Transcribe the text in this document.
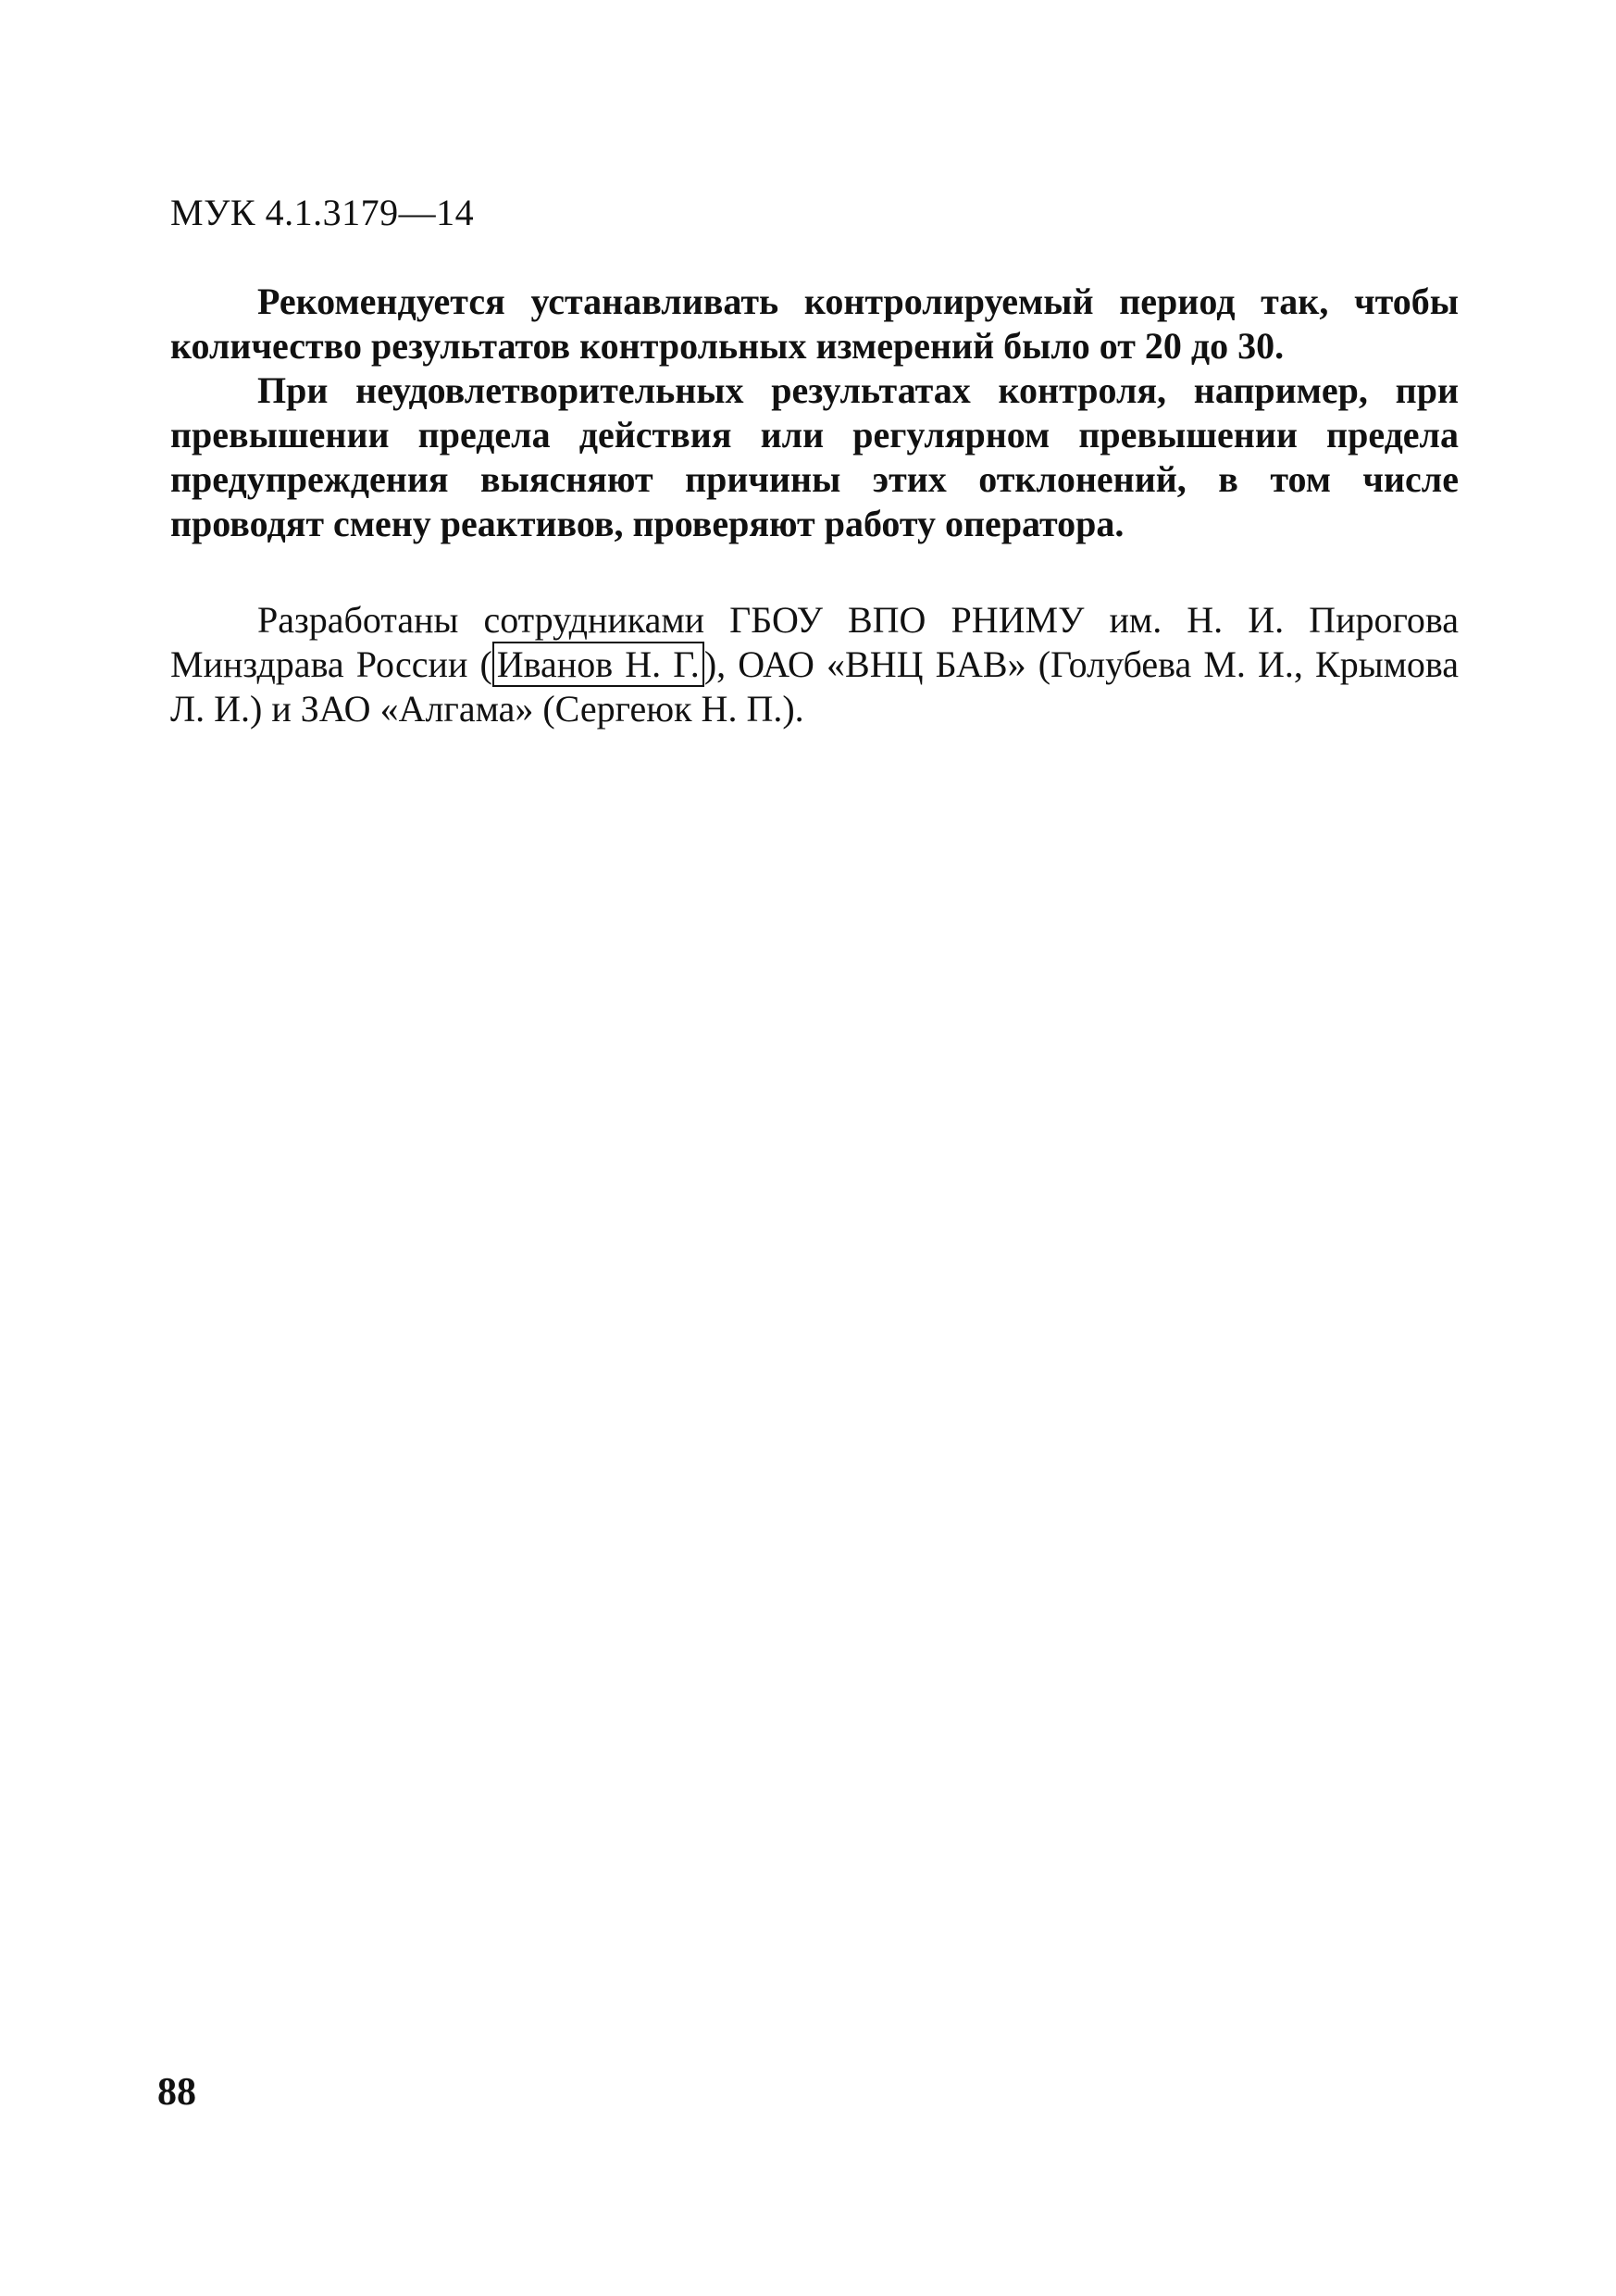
МУК 4.1.3179—14

Рекомендуется устанавливать контролируемый период так, чтобы количество результатов контрольных измерений было от 20 до 30.

При неудовлетворительных результатах контроля, например, при превышении предела действия или регулярном превышении предела предупреждения выясняют причины этих отклонений, в том числе проводят смену реактивов, проверяют работу оператора.

Разработаны сотрудниками ГБОУ ВПО РНИМУ им. Н. И. Пирогова Минздрава России ( Иванов Н. Г. ), ОАО «ВНЦ БАВ» (Голубева М. И., Крымова Л. И.) и ЗАО «Алгама» (Сергеюк Н. П.).

88
